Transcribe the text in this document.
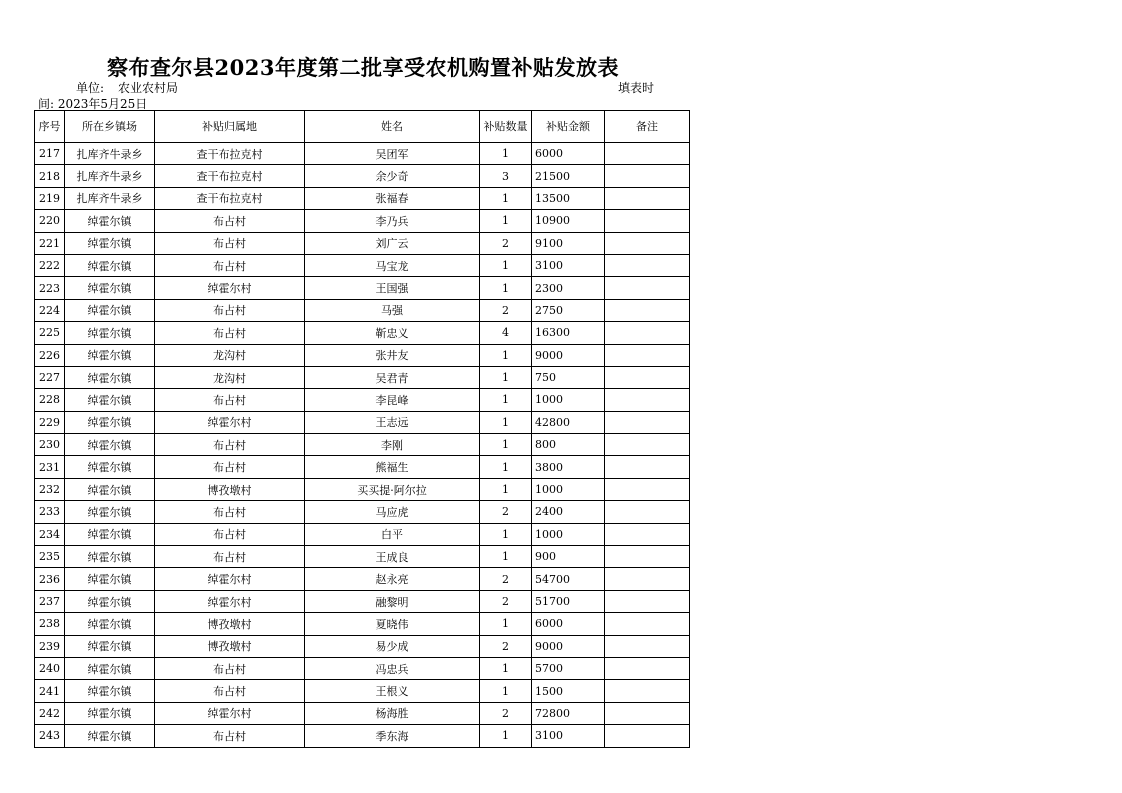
察布查尔县2023年度第二批享受农机购置补贴发放表
单位: 农业农村局	填表时
间: 2023年5月25日
序号	所在乡镇场	补贴归属地	姓名	补贴数量	补贴金额	备注
217	扎库齐牛录乡	查干布拉克村	吴团军	1	6000	
218	扎库齐牛录乡	查干布拉克村	余少奇	3	21500	
219	扎库齐牛录乡	查干布拉克村	张福春	1	13500	
220	绰霍尔镇	布占村	李乃兵	1	10900	
221	绰霍尔镇	布占村	刘广云	2	9100	
222	绰霍尔镇	布占村	马宝龙	1	3100	
223	绰霍尔镇	绰霍尔村	王国强	1	2300	
224	绰霍尔镇	布占村	马强	2	2750	
225	绰霍尔镇	布占村	靳忠义	4	16300	
226	绰霍尔镇	龙沟村	张井友	1	9000	
227	绰霍尔镇	龙沟村	吴君青	1	750	
228	绰霍尔镇	布占村	李昆峰	1	1000	
229	绰霍尔镇	绰霍尔村	王志远	1	42800	
230	绰霍尔镇	布占村	李刚	1	800	
231	绰霍尔镇	布占村	熊福生	1	3800	
232	绰霍尔镇	博孜墩村	买买提·阿尔拉	1	1000	
233	绰霍尔镇	布占村	马应虎	2	2400	
234	绰霍尔镇	布占村	白平	1	1000	
235	绰霍尔镇	布占村	王成良	1	900	
236	绰霍尔镇	绰霍尔村	赵永亮	2	54700	
237	绰霍尔镇	绰霍尔村	融黎明	2	51700	
238	绰霍尔镇	博孜墩村	夏晓伟	1	6000	
239	绰霍尔镇	博孜墩村	易少成	2	9000	
240	绰霍尔镇	布占村	冯忠兵	1	5700	
241	绰霍尔镇	布占村	王根义	1	1500	
242	绰霍尔镇	绰霍尔村	杨海胜	2	72800	
243	绰霍尔镇	布占村	季东海	1	3100	
